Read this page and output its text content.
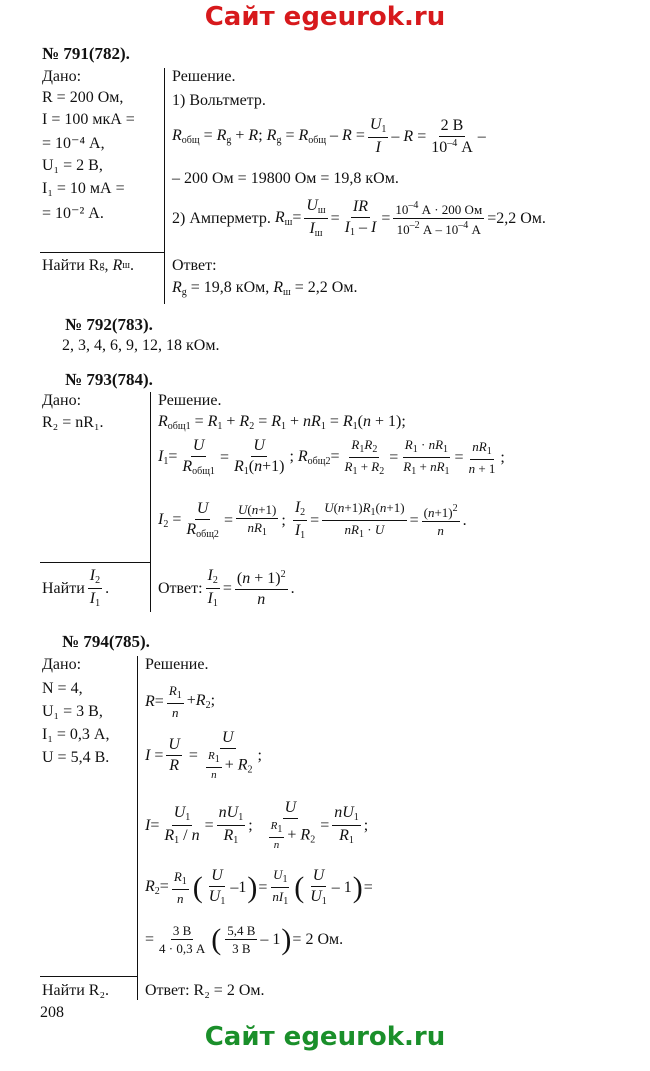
Сайт egeurok.ru
№ 791(782).
Дано:
R = 200 Ом,
I = 100 мкА =
= 10⁻⁴ А,
U₁ = 2 В,
I₁ = 10 мА =
= 10⁻² А.
Решение.
1) Вольтметр.
$R_{общ} = R_g + R$; $R_g = R_{общ} - R = \frac{U_1}{I} - R = \frac{2 В}{10^{-4} А}$ –
– 200 Ом = 19800 Ом = 19,8 кОм.
2) Амперметр. $R_ш= \frac{U_ш}{I_ш} = \frac{IR}{I_1 - I} = \frac{10^{-4} А \cdot 200 Ом}{10^{-2} А - 10^{-4} А} =2,2$ Ом.
Найти R g , R ш . Ответ:
$R_g = 19,8$ кОм, $R_ш = 2,2$ Ом.
№ 792(783).
2, 3, 4, 6, 9, 12, 18 кОм.
№ 793(784).
Дано:
R₂ = nR₁.
Решение.
$R_{общ1} = R_1 + R_2 = R_1 + nR_1 = R_1(n + 1)$;
$I_1= \frac{U}{R_{общ1}} = \frac{U}{R_1(n+1)}$ ; $R_{общ2}= \frac{R_1R_2}{R_1 + R_2} = \frac{R_1 \cdot nR_1}{R_1 + nR_1} = \frac{nR_1}{n + 1}$ ;
$I_2 = \frac{U}{R_{общ2}} = \frac{U(n+1)}{nR_1}$ ; $\frac{I_2}{I_1} = \frac{U(n+1)R_1(n+1)}{nR_1 \cdot U} = \frac{(n+1)^2}{n}$ .
Найти $\frac{I_2}{I_1}$ .	Ответ: $\frac{I_2}{I_1} = \frac{(n + 1)^2}{n}$ .
№ 794(785).
Дано:
N = 4,
U₁ = 3 В,
I₁ = 0,3 А,
U = 5,4 В.
Решение.
$R= \frac{R_1}{n} +R_2$;
$I = \frac{U}{R} = \frac{U}{\frac{R_1}{n} + R_2}$ ;
$I= \frac{U_1}{R_1 / n} = \frac{nU_1}{R_1}$ ; $\frac{U}{\frac{R_1}{n} + R_2} = \frac{nU_1}{R_1}$ ;
$R_2= \frac{R_1}{n}$ ( $\frac{U}{U_1} -1$ ) = $\frac{U_1}{nI_1}$ ( $\frac{U}{U_1} - 1$ ) =
= $\frac{3 В}{4 \cdot 0,3 А}$ ( $\frac{5,4 В}{3 В} - 1$ ) = 2 Ом.
Найти R₂. Ответ: R₂ = 2 Ом.
208
Сайт egeurok.ru
